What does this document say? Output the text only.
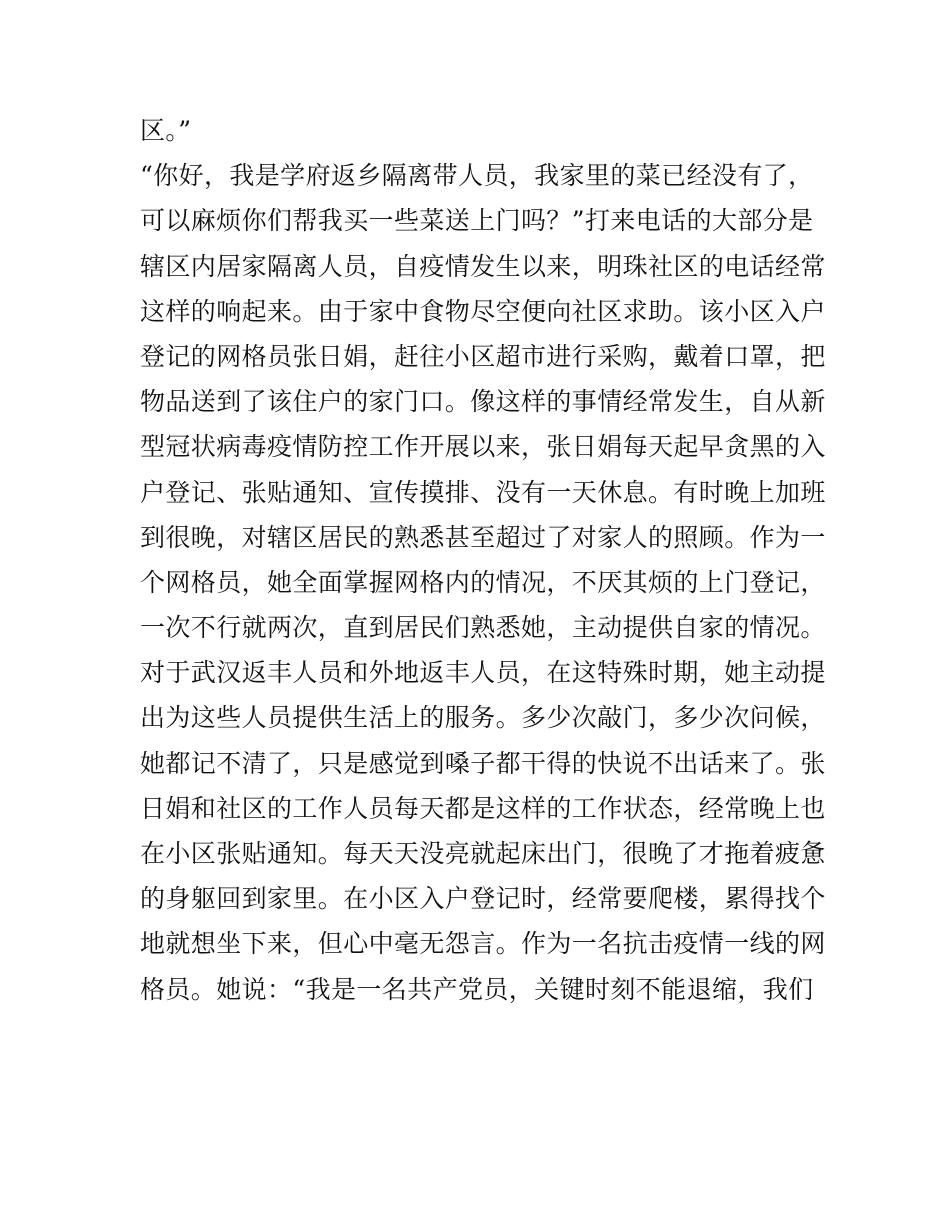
区。”
“你好，我是学府返乡隔离带人员，我家里的菜已经没有了，
可以麻烦你们帮我买一些菜送上门吗？”打来电话的大部分是
辖区内居家隔离人员，自疫情发生以来，明珠社区的电话经常
这样的响起来。由于家中食物尽空便向社区求助。该小区入户
登记的网格员张日娟，赶往小区超市进行采购，戴着口罩，把
物品送到了该住户的家门口。像这样的事情经常发生，自从新
型冠状病毒疫情防控工作开展以来，张日娟每天起早贪黑的入
户登记、张贴通知、宣传摸排、没有一天休息。有时晚上加班
到很晚，对辖区居民的熟悉甚至超过了对家人的照顾。作为一
个网格员，她全面掌握网格内的情况，不厌其烦的上门登记，
一次不行就两次，直到居民们熟悉她，主动提供自家的情况。
对于武汉返丰人员和外地返丰人员，在这特殊时期，她主动提
出为这些人员提供生活上的服务。多少次敲门，多少次问候，
她都记不清了，只是感觉到嗓子都干得的快说不出话来了。张
日娟和社区的工作人员每天都是这样的工作状态，经常晚上也
在小区张贴通知。每天天没亮就起床出门，很晚了才拖着疲惫
的身躯回到家里。在小区入户登记时，经常要爬楼，累得找个
地就想坐下来，但心中毫无怨言。作为一名抗击疫情一线的网
格员。她说：“我是一名共产党员，关键时刻不能退缩，我们
